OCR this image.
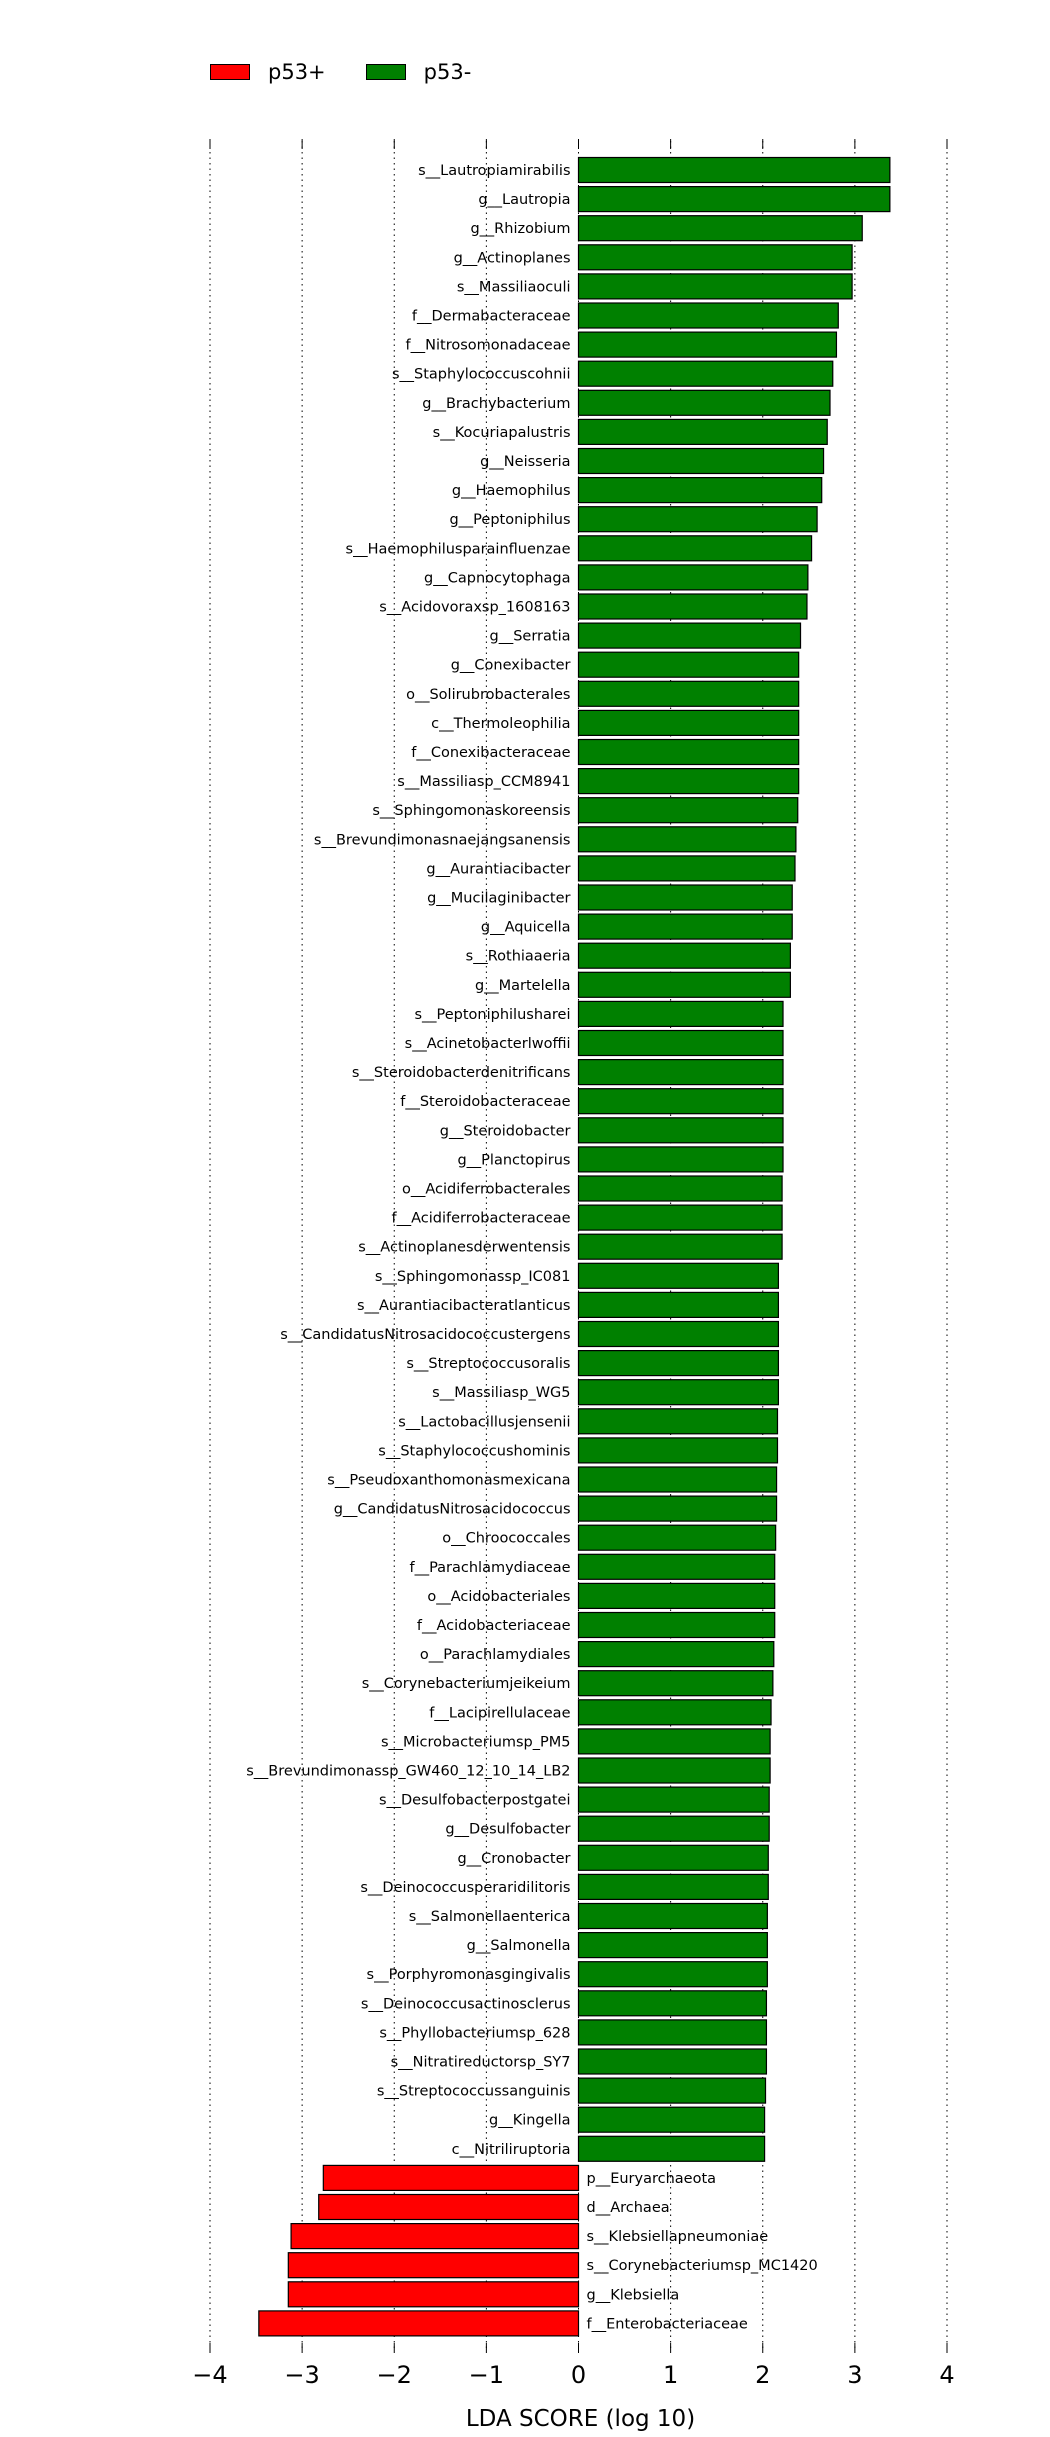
p53+	p53-
−4 −3 −2 −1	0	1	2	3	4
s__Lautropiamirabilis
g__Lautropia
g__Rhizobium
g__Actinoplanes
s__Massiliaoculi
f__Dermabacteraceae
f__Nitrosomonadaceae
s__Staphylococcuscohnii
g__Brachybacterium
s__Kocuriapalustris
g__Neisseria
g__Haemophilus
g__Peptoniphilus
s__Haemophilusparainfluenzae
g__Capnocytophaga
s__Acidovoraxsp_1608163
g__Serratia
g__Conexibacter
o__Solirubrobacterales
c__Thermoleophilia
f__Conexibacteraceae
s__Massiliasp_CCM8941
s__Sphingomonaskoreensis
s__Brevundimonasnaejangsanensis
g__Aurantiacibacter
g__Mucilaginibacter
g__Aquicella
s__Rothiaaeria
g__Martelella
s__Peptoniphilusharei
s__Acinetobacterlwoffii
s__Steroidobacterdenitrificans
f__Steroidobacteraceae
g__Steroidobacter
g__Planctopirus
o__Acidiferrobacterales
f__Acidiferrobacteraceae
s__Actinoplanesderwentensis
s__Sphingomonassp_IC081
s__Aurantiacibacteratlanticus
s__CandidatusNitrosacidococcustergens
s__Streptococcusoralis
s__Massiliasp_WG5
s__Lactobacillusjensenii
s__Staphylococcushominis
s__Pseudoxanthomonasmexicana
g__CandidatusNitrosacidococcus
o__Chroococcales
f__Parachlamydiaceae
o__Acidobacteriales
f__Acidobacteriaceae
o__Parachlamydiales
s__Corynebacteriumjeikeium
f__Lacipirellulaceae
s__Microbacteriumsp_PM5
s__Brevundimonassp_GW460_12_10_14_LB2
s__Desulfobacterpostgatei
g__Desulfobacter
g__Cronobacter
s__Deinococcusperaridilitoris
s__Salmonellaenterica
g__Salmonella
s__Porphyromonasgingivalis
s__Deinococcusactinosclerus
s__Phyllobacteriumsp_628
s__Nitratireductorsp_SY7
s__Streptococcussanguinis
g__Kingella
c__Nitriliruptoria
p__Euryarchaeota
d__Archaea
s__Klebsiellapneumoniae
s__Corynebacteriumsp_MC1420
g__Klebsiella
f__Enterobacteriaceae
LDA SCORE (log 10)
